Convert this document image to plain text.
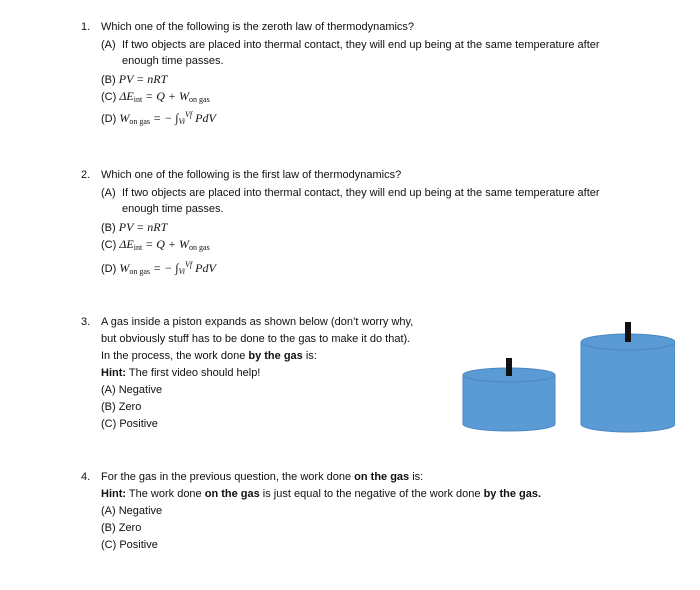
1. Which one of the following is the zeroth law of thermodynamics?
(A) If two objects are placed into thermal contact, they will end up being at the same temperature after
enough time passes.
(B) PV = nRT
(C) $\Delta E_{int} = Q + W_{on gas}$
(D) $W_{on gas}$ = − $\int_{Vi}^{Vf}$ PdV
2. Which one of the following is the first law of thermodynamics?
(A) If two objects are placed into thermal contact, they will end up being at the same temperature after
enough time passes.
(B) PV = nRT
(C) $\Delta E_{int} = Q + W_{on gas}$
(D) $W_{on gas}$ = − $\int_{Vi}^{Vf}$ PdV
3. A gas inside a piston expands as shown below (don’t worry why,
but obviously stuff has to be done to the gas to make it do that).
In the process, the work done by the gas is:
Hint: The first video should help!
(A) Negative
(B) Zero
(C) Positive
4. For the gas in the previous question, the work done on the gas is:
Hint: The work done on the gas is just equal to the negative of the work done by the gas.
(A) Negative
(B) Zero
(C) Positive
